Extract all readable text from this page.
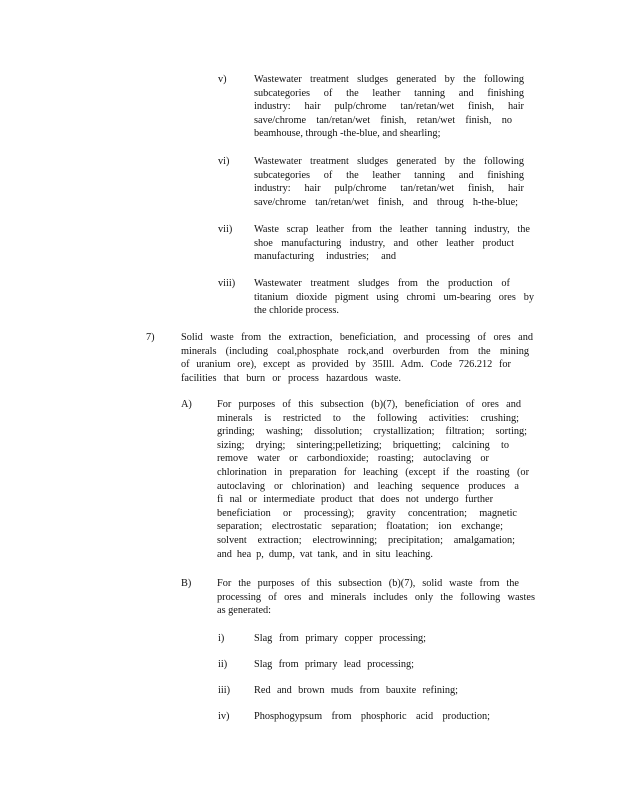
v)	Wastewater treatment sludges generated by the following
subcategories of the leather tanning and finishing
industry: hair pulp/chrome tan/retan/wet finish, hair
save/chrome tan/retan/wet finish, retan/wet finish, no
beamhouse, through -the-blue, and shearling;
vi) Wastewater treatment sludges generated by the following
subcategories of the leather tanning and finishing
industry: hair pulp/chrome tan/retan/wet finish, hair
save/chrome tan/retan/wet finish, and throug h-the-blue;
vii) Waste scrap leather from the leather tanning industry, the
shoe manufacturing industry, and other leather product
manufacturing industries; and
viii) Wastewater treatment sludges from the production of
titanium dioxide pigment using chromi um-bearing ores by
the chloride process.
7)	Solid waste from the extraction, beneficiation, and processing of ores and
minerals (including coal,phosphate rock,and overburden from the mining
of uranium ore), except as provided by 35Ill. Adm. Code 726.212 for
facilities that burn or process hazardous waste.
A) For purposes of this subsection (b)(7), beneficiation of ores and
minerals is restricted to the following activities: crushing;
grinding; washing; dissolution; crystallization; filtration; sorting;
sizing; drying; sintering;pelletizing; briquetting; calcining to
remove water or carbondioxide; roasting; autoclaving or
chlorination in preparation for leaching (except if the roasting (or
autoclaving or chlorination) and leaching sequence produces a
fi nal or intermediate product that does not undergo further
beneficiation or processing); gravity concentration; magnetic
separation; electrostatic separation; floatation; ion exchange;
solvent extraction; electrowinning; precipitation; amalgamation;
and hea p, dump, vat tank, and in situ leaching.
B) For the purposes of this subsection (b)(7), solid waste from the
processing of ores and minerals includes only the following wastes
as generated:
i)	Slag from primary copper processing;
ii)	Slag from primary lead processing;
iii) Red and brown muds from bauxite refining;
iv) Phosphogypsum from phosphoric acid production;
